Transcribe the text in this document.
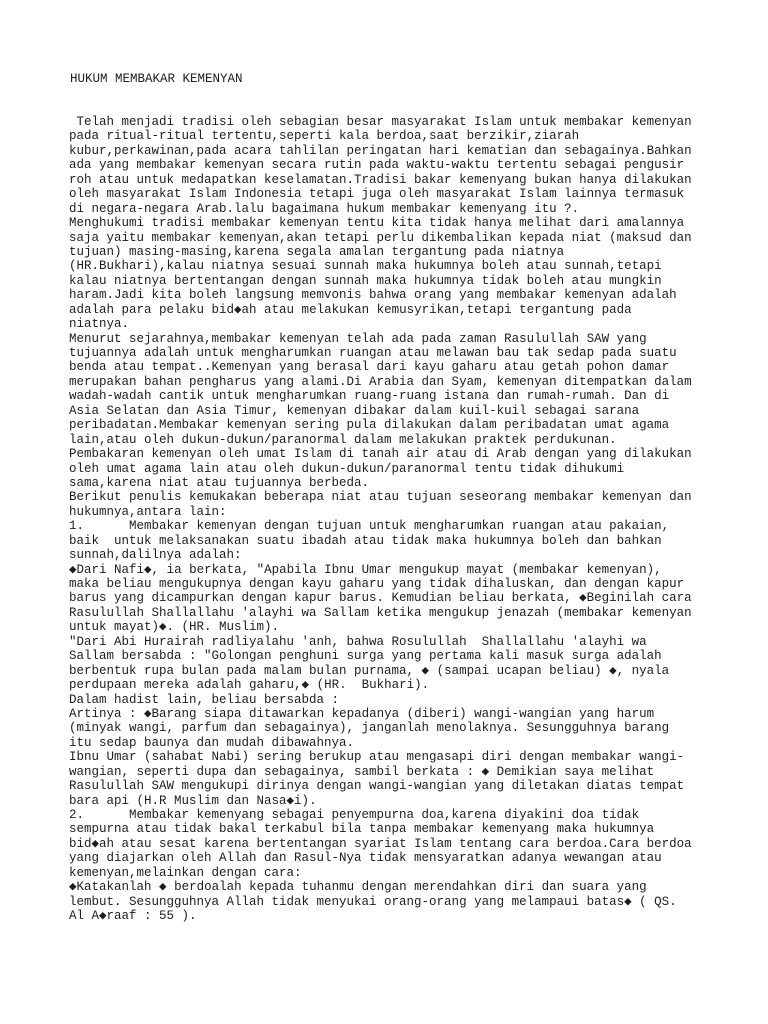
HUKUM MEMBAKAR KEMENYAN
Telah menjadi tradisi oleh sebagian besar masyarakat Islam untuk membakar kemenyan
pada ritual-ritual tertentu,seperti kala berdoa,saat berzikir,ziarah
kubur,perkawinan,pada acara tahlilan peringatan hari kematian dan sebagainya.Bahkan
ada yang membakar kemenyan secara rutin pada waktu-waktu tertentu sebagai pengusir
roh atau untuk medapatkan keselamatan.Tradisi bakar kemenyang bukan hanya dilakukan
oleh masyarakat Islam Indonesia tetapi juga oleh masyarakat Islam lainnya termasuk
di negara-negara Arab.lalu bagaimana hukum membakar kemenyang itu ?.
Menghukumi tradisi membakar kemenyan tentu kita tidak hanya melihat dari amalannya
saja yaitu membakar kemenyan,akan tetapi perlu dikembalikan kepada niat (maksud dan
tujuan) masing-masing,karena segala amalan tergantung pada niatnya
(HR.Bukhari),kalau niatnya sesuai sunnah maka hukumnya boleh atau sunnah,tetapi
kalau niatnya bertentangan dengan sunnah maka hukumnya tidak boleh atau mungkin
haram.Jadi kita boleh langsung memvonis bahwa orang yang membakar kemenyan adalah
adalah para pelaku bid◆ah atau melakukan kemusyrikan,tetapi tergantung pada
niatnya.
Menurut sejarahnya,membakar kemenyan telah ada pada zaman Rasulullah SAW yang
tujuannya adalah untuk mengharumkan ruangan atau melawan bau tak sedap pada suatu
benda atau tempat..Kemenyan yang berasal dari kayu gaharu atau getah pohon damar
merupakan bahan pengharus yang alami.Di Arabia dan Syam, kemenyan ditempatkan dalam
wadah-wadah cantik untuk mengharumkan ruang-ruang istana dan rumah-rumah. Dan di
Asia Selatan dan Asia Timur, kemenyan dibakar dalam kuil-kuil sebagai sarana
peribadatan.Membakar kemenyan sering pula dilakukan dalam peribadatan umat agama
lain,atau oleh dukun-dukun/paranormal dalam melakukan praktek perdukunan.
Pembakaran kemenyan oleh umat Islam di tanah air atau di Arab dengan yang dilakukan
oleh umat agama lain atau oleh dukun-dukun/paranormal tentu tidak dihukumi
sama,karena niat atau tujuannya berbeda.
Berikut penulis kemukakan beberapa niat atau tujuan seseorang membakar kemenyan dan
hukumnya,antara lain:
1.      Membakar kemenyan dengan tujuan untuk mengharumkan ruangan atau pakaian,
baik  untuk melaksanakan suatu ibadah atau tidak maka hukumnya boleh dan bahkan
sunnah,dalilnya adalah:
◆Dari Nafi◆, ia berkata, "Apabila Ibnu Umar mengukup mayat (membakar kemenyan),
maka beliau mengukupnya dengan kayu gaharu yang tidak dihaluskan, dan dengan kapur
barus yang dicampurkan dengan kapur barus. Kemudian beliau berkata, ◆Beginilah cara
Rasulullah Shallallahu 'alayhi wa Sallam ketika mengukup jenazah (membakar kemenyan
untuk mayat)◆. (HR. Muslim).
"Dari Abi Hurairah radliyalahu 'anh, bahwa Rosulullah  Shallallahu 'alayhi wa
Sallam bersabda : "Golongan penghuni surga yang pertama kali masuk surga adalah
berbentuk rupa bulan pada malam bulan purnama, ◆ (sampai ucapan beliau) ◆, nyala
perdupaan mereka adalah gaharu,◆ (HR.  Bukhari).
Dalam hadist lain, beliau bersabda :
Artinya : ◆Barang siapa ditawarkan kepadanya (diberi) wangi-wangian yang harum
(minyak wangi, parfum dan sebagainya), janganlah menolaknya. Sesungguhnya barang
itu sedap baunya dan mudah dibawahnya.
Ibnu Umar (sahabat Nabi) sering berukup atau mengasapi diri dengan membakar wangi-
wangian, seperti dupa dan sebagainya, sambil berkata : ◆ Demikian saya melihat
Rasulullah SAW mengukupi dirinya dengan wangi-wangian yang diletakan diatas tempat
bara api (H.R Muslim dan Nasa◆i).
2.      Membakar kemenyang sebagai penyempurna doa,karena diyakini doa tidak
sempurna atau tidak bakal terkabul bila tanpa membakar kemenyang maka hukumnya
bid◆ah atau sesat karena bertentangan syariat Islam tentang cara berdoa.Cara berdoa
yang diajarkan oleh Allah dan Rasul-Nya tidak mensyaratkan adanya wewangan atau
kemenyan,melainkan dengan cara:
◆Katakanlah ◆ berdoalah kepada tuhanmu dengan merendahkan diri dan suara yang
lembut. Sesungguhnya Allah tidak menyukai orang-orang yang melampaui batas◆ ( QS.
Al A◆raaf : 55 ).
